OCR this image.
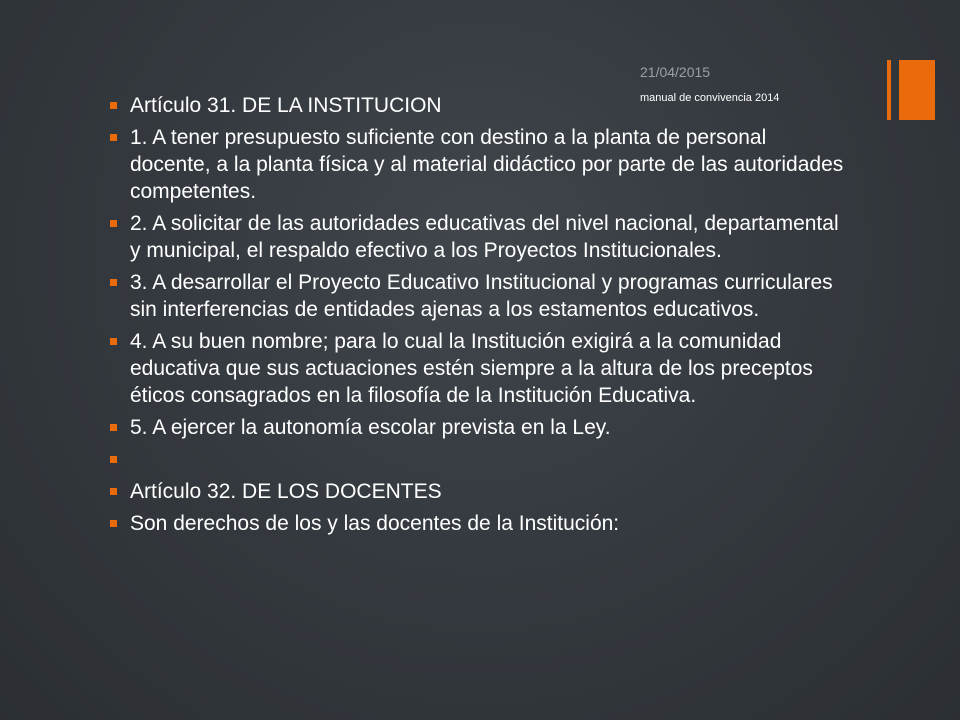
21/04/2015
manual de convivencia 2014
Artículo 31. DE LA INSTITUCION
1. A tener presupuesto suficiente con destino a la planta de personal docente, a la planta física y al material didáctico por parte de las autoridades competentes.
2. A solicitar de las autoridades educativas del nivel nacional, departamental y municipal, el respaldo efectivo a los Proyectos Institucionales.
3. A desarrollar el Proyecto Educativo Institucional y programas curriculares sin interferencias de entidades ajenas a los estamentos educativos.
4. A su buen nombre; para lo cual la Institución exigirá a la comunidad educativa que sus actuaciones estén siempre a la altura de los preceptos éticos consagrados en la filosofía de la Institución Educativa.
5. A ejercer la autonomía escolar prevista en la Ley.
Artículo 32. DE LOS DOCENTES
Son derechos de los y las docentes de la Institución:
